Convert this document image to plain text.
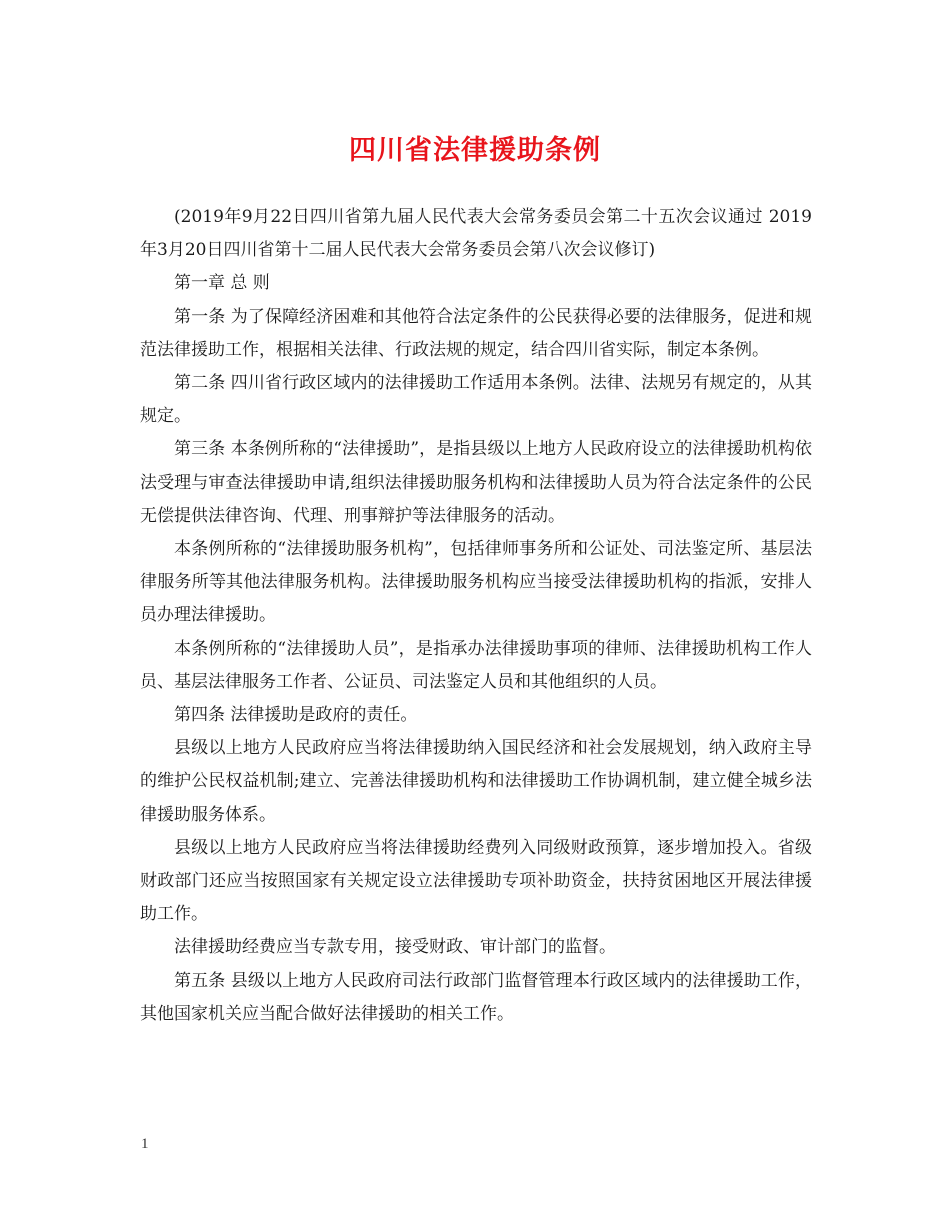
四川省法律援助条例

(2019年9月22日四川省第九届人民代表大会常务委员会第二十五次会议通过 2019年3月20日四川省第十二届人民代表大会常务委员会第八次会议修订)

第一章 总 则

第一条 为了保障经济困难和其他符合法定条件的公民获得必要的法律服务，促进和规范法律援助工作，根据相关法律、行政法规的规定，结合四川省实际，制定本条例。

第二条 四川省行政区域内的法律援助工作适用本条例。法律、法规另有规定的，从其规定。

第三条 本条例所称的“法律援助”，是指县级以上地方人民政府设立的法律援助机构依法受理与审查法律援助申请,组织法律援助服务机构和法律援助人员为符合法定条件的公民无偿提供法律咨询、代理、刑事辩护等法律服务的活动。

本条例所称的“法律援助服务机构”，包括律师事务所和公证处、司法鉴定所、基层法律服务所等其他法律服务机构。法律援助服务机构应当接受法律援助机构的指派，安排人员办理法律援助。

本条例所称的“法律援助人员”，是指承办法律援助事项的律师、法律援助机构工作人员、基层法律服务工作者、公证员、司法鉴定人员和其他组织的人员。

第四条 法律援助是政府的责任。

县级以上地方人民政府应当将法律援助纳入国民经济和社会发展规划，纳入政府主导的维护公民权益机制;建立、完善法律援助机构和法律援助工作协调机制，建立健全城乡法律援助服务体系。

县级以上地方人民政府应当将法律援助经费列入同级财政预算，逐步增加投入。省级财政部门还应当按照国家有关规定设立法律援助专项补助资金，扶持贫困地区开展法律援助工作。

法律援助经费应当专款专用，接受财政、审计部门的监督。

第五条 县级以上地方人民政府司法行政部门监督管理本行政区域内的法律援助工作，其他国家机关应当配合做好法律援助的相关工作。

1
